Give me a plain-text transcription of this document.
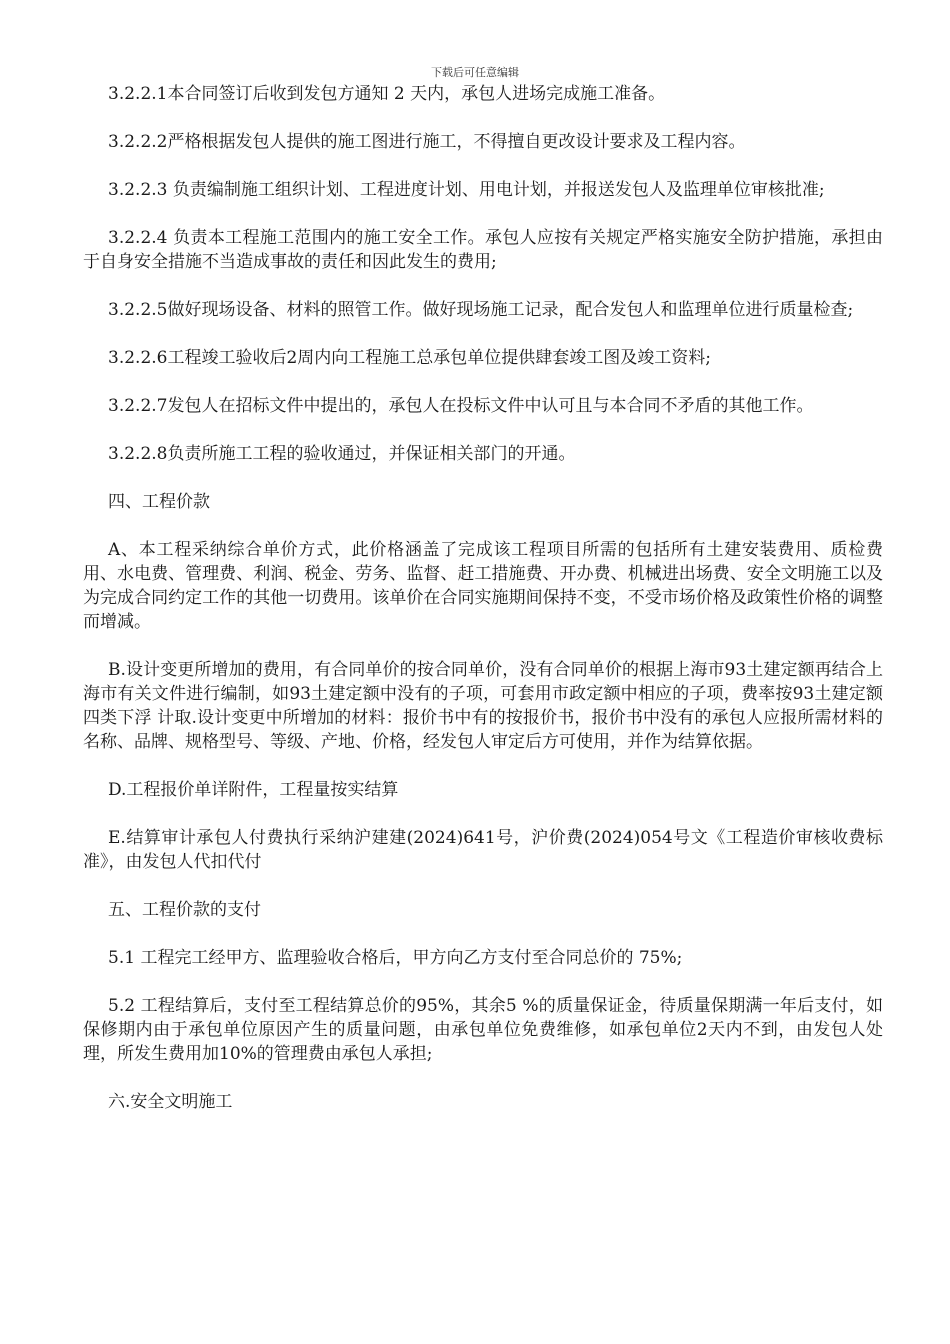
下载后可任意编辑

3.2.2.1本合同签订后收到发包方通知 2 天内，承包人进场完成施工准备。

3.2.2.2严格根据发包人提供的施工图进行施工，不得擅自更改设计要求及工程内容。

3.2.2.3 负责编制施工组织计划、工程进度计划、用电计划，并报送发包人及监理单位审核批准;

3.2.2.4 负责本工程施工范围内的施工安全工作。承包人应按有关规定严格实施安全防护措施，承担由于自身安全措施不当造成事故的责任和因此发生的费用;

3.2.2.5做好现场设备、材料的照管工作。做好现场施工记录，配合发包人和监理单位进行质量检查;

3.2.2.6工程竣工验收后2周内向工程施工总承包单位提供肆套竣工图及竣工资料;

3.2.2.7发包人在招标文件中提出的，承包人在投标文件中认可且与本合同不矛盾的其他工作。

3.2.2.8负责所施工工程的验收通过，并保证相关部门的开通。

四、工程价款

A、本工程采纳综合单价方式，此价格涵盖了完成该工程项目所需的包括所有土建安装费用、质检费用、水电费、管理费、利润、税金、劳务、监督、赶工措施费、开办费、机械进出场费、安全文明施工以及为完成合同约定工作的其他一切费用。该单价在合同实施期间保持不变，不受市场价格及政策性价格的调整而增减。

B.设计变更所增加的费用，有合同单价的按合同单价，没有合同单价的根据上海市93土建定额再结合上海市有关文件进行编制，如93土建定额中没有的子项，可套用市政定额中相应的子项，费率按93土建定额四类下浮 计取.设计变更中所增加的材料：报价书中有的按报价书，报价书中没有的承包人应报所需材料的名称、品牌、规格型号、等级、产地、价格，经发包人审定后方可使用，并作为结算依据。

D.工程报价单详附件，工程量按实结算

E.结算审计承包人付费执行采纳沪建建(2024)641号，沪价费(2024)054号文《工程造价审核收费标准》，由发包人代扣代付

五、工程价款的支付

5.1 工程完工经甲方、监理验收合格后，甲方向乙方支付至合同总价的 75%;

5.2 工程结算后，支付至工程结算总价的95%，其余5 %的质量保证金，待质量保期满一年后支付，如保修期内由于承包单位原因产生的质量问题，由承包单位免费维修，如承包单位2天内不到，由发包人处理，所发生费用加10%的管理费由承包人承担;

六.安全文明施工
